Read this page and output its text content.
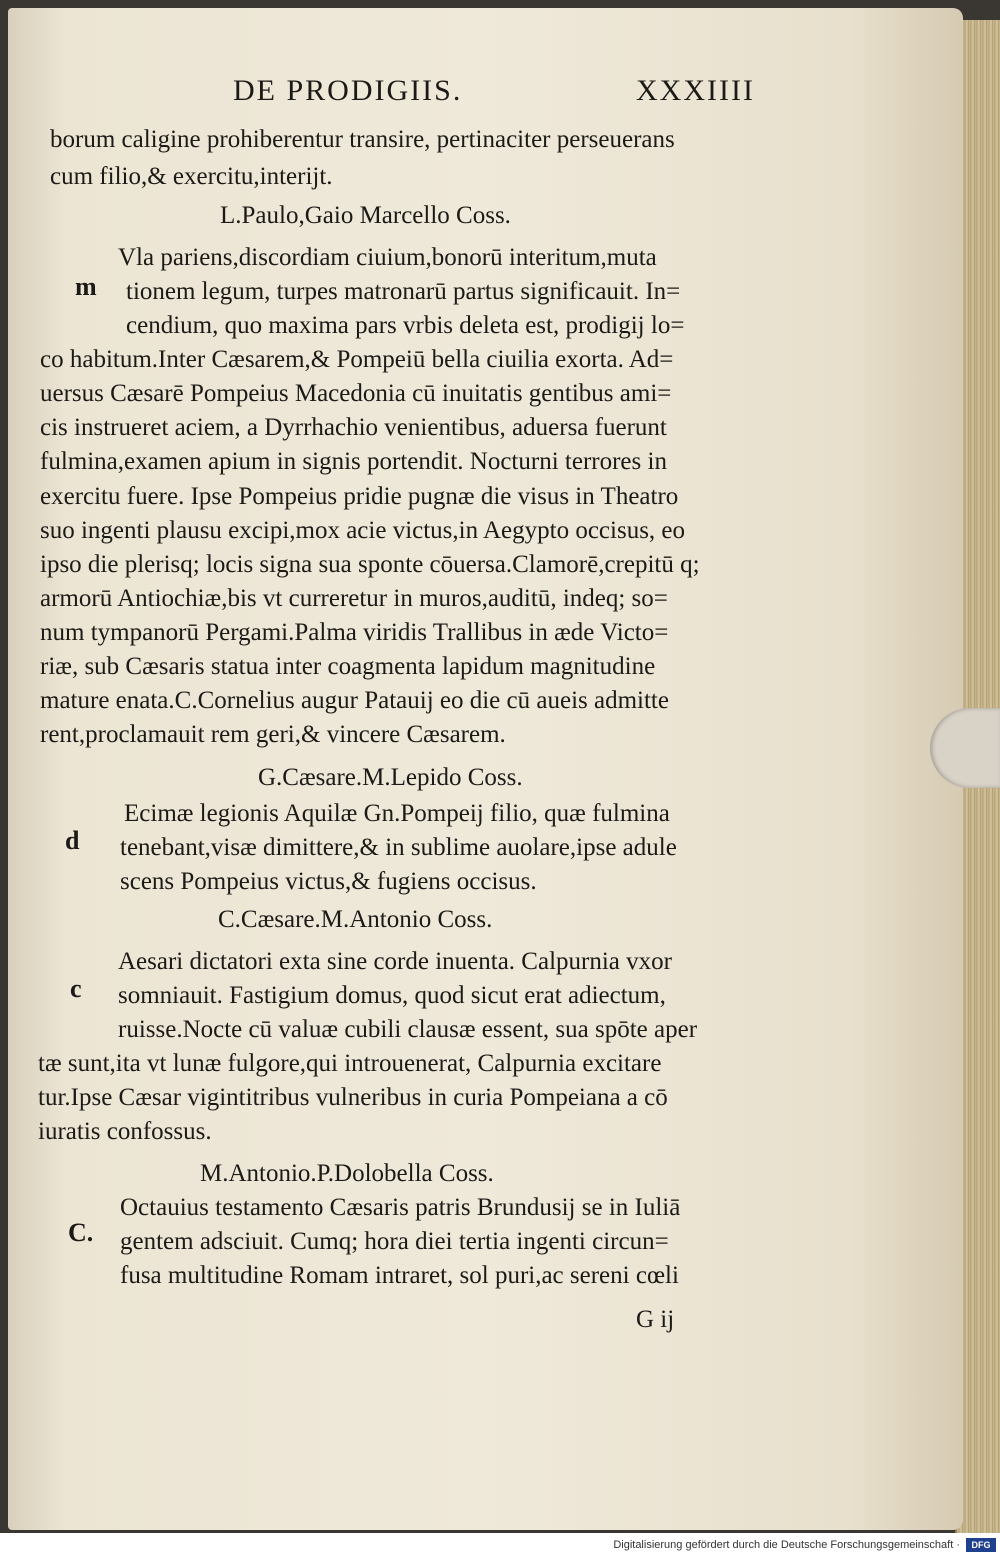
DE PRODIGIIS.	XXXIIII
borum caligine prohiberentur transire, pertinaciter perseuerans
cum filio,& exercitu,interijt.
L.Paulo,Gaio Marcello Coss.
Vla pariens,discordiam ciuium,bonorū interitum,muta
m tionem legum, turpes matronarū partus significauit. In=
cendium, quo maxima pars vrbis deleta est, prodigij lo=
co habitum.Inter Cæsarem,& Pompeiū bella ciuilia exorta. Ad=
uersus Cæsarē Pompeius Macedonia cū inuitatis gentibus ami=
cis instrueret aciem, a Dyrrhachio venientibus, aduersa fuerunt
fulmina,examen apium in signis portendit. Nocturni terrores in
exercitu fuere. Ipse Pompeius pridie pugnæ die visus in Theatro
suo ingenti plausu excipi,mox acie victus,in Aegypto occisus, eo
ipso die plerisq; locis signa sua sponte cōuersa.Clamorē,crepitū q;
armorū Antiochiæ,bis vt curreretur in muros,auditū, indeq; so=
num tympanorū Pergami.Palma viridis Trallibus in æde Victo=
riæ, sub Cæsaris statua inter coagmenta lapidum magnitudine
mature enata.C.Cornelius augur Patauij eo die cū aueis admitte
rent,proclamauit rem geri,& vincere Cæsarem.
G.Cæsare.M.Lepido Coss.
Ecimæ legionis Aquilæ Gn.Pompeij filio, quæ fulmina
d tenebant,visæ dimittere,& in sublime auolare,ipse adule
scens Pompeius victus,& fugiens occisus.
C.Cæsare.M.Antonio Coss.
Aesari dictatori exta sine corde inuenta. Calpurnia vxor
c somniauit. Fastigium domus, quod sicut erat adiectum,
ruisse.Nocte cū valuæ cubili clausæ essent, sua spōte aper
tæ sunt,ita vt lunæ fulgore,qui introuenerat, Calpurnia excitare
tur.Ipse Cæsar vigintitribus vulneribus in curia Pompeiana a cō
iuratis confossus.
M.Antonio.P.Dolobella Coss.
Octauius testamento Cæsaris patris Brundusij se in Iuliā
C. gentem adsciuit. Cumq; hora diei tertia ingenti circun=
fusa multitudine Romam intraret, sol puri,ac sereni cœli
G ij
Digitalisierung gefördert durch die Deutsche Forschungsgemeinschaft ·	DFG
